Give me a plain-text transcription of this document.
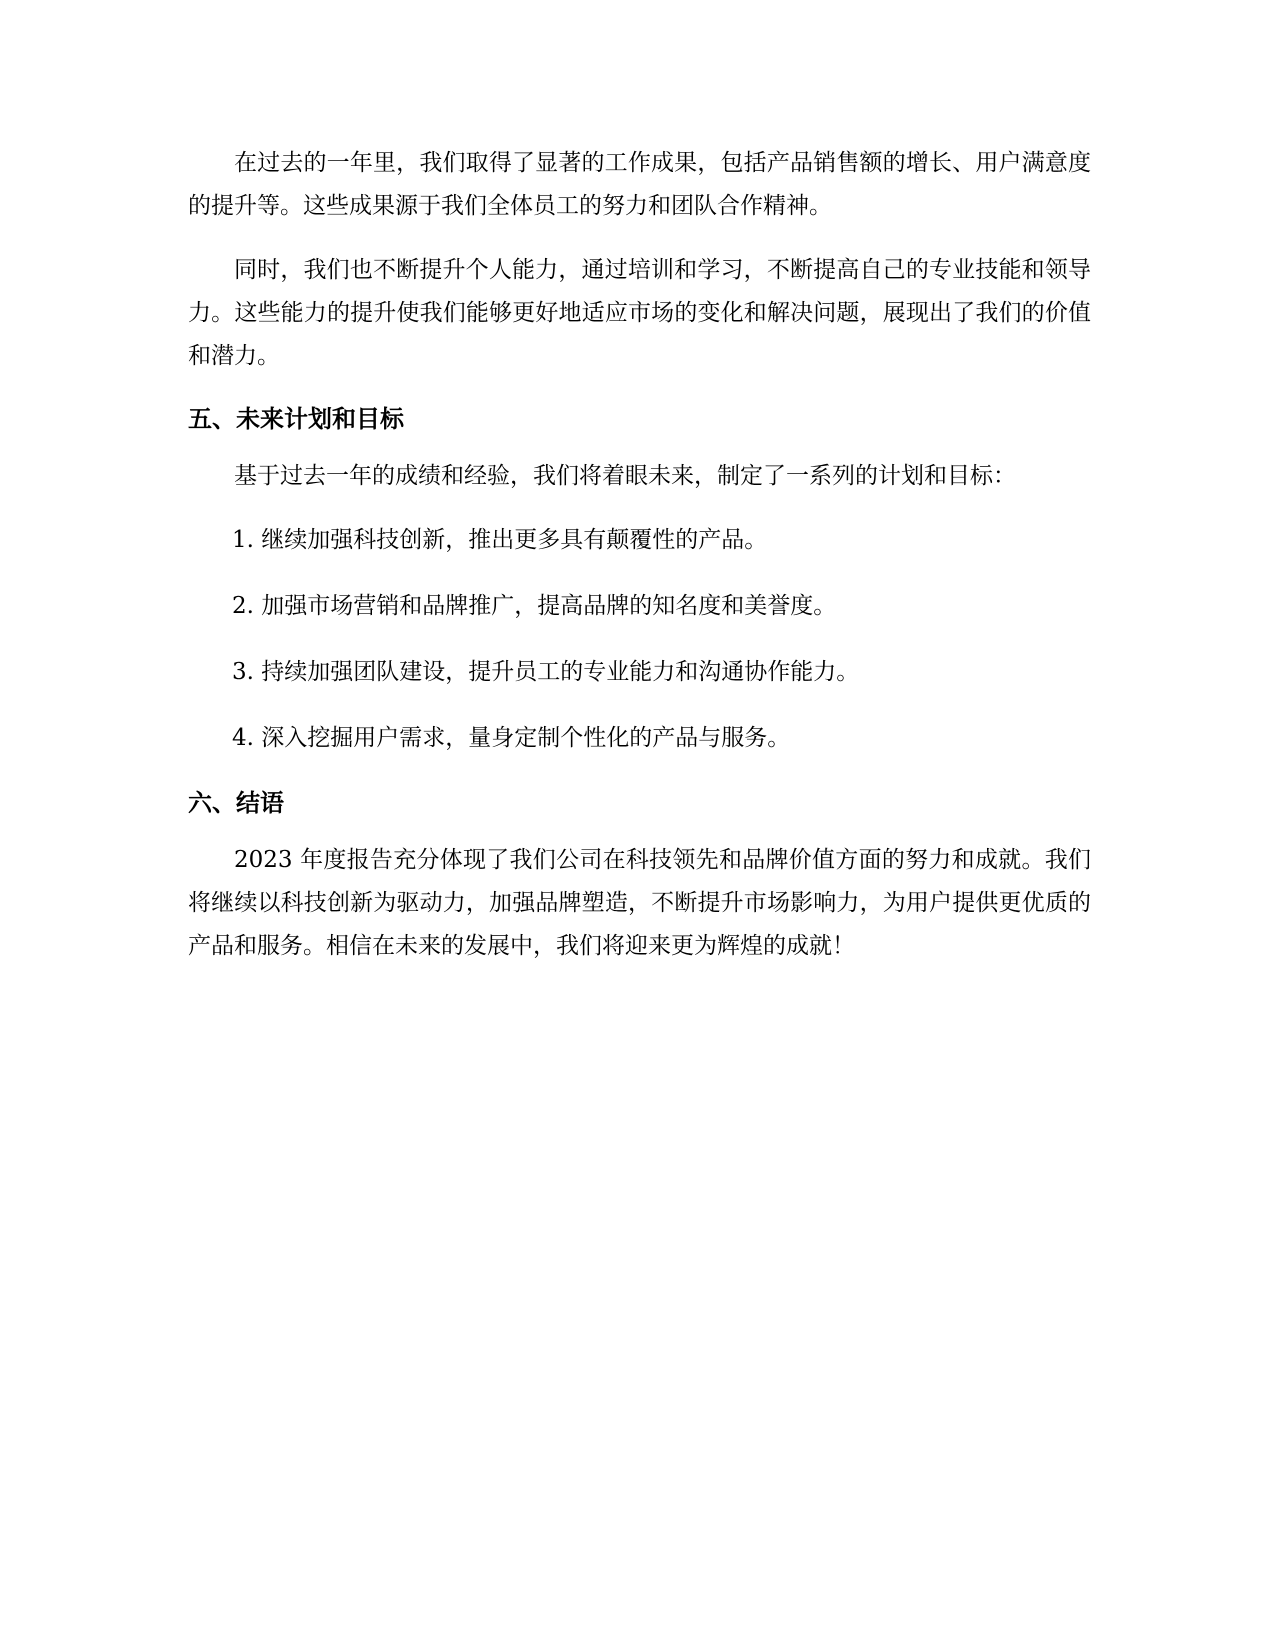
在过去的一年里，我们取得了显著的工作成果，包括产品销售额的增长、用户满意度的提升等。这些成果源于我们全体员工的努力和团队合作精神。

同时，我们也不断提升个人能力，通过培训和学习，不断提高自己的专业技能和领导力。这些能力的提升使我们能够更好地适应市场的变化和解决问题，展现出了我们的价值和潜力。

五、未来计划和目标

基于过去一年的成绩和经验，我们将着眼未来，制定了一系列的计划和目标：

1. 继续加强科技创新，推出更多具有颠覆性的产品。

2. 加强市场营销和品牌推广，提高品牌的知名度和美誉度。

3. 持续加强团队建设，提升员工的专业能力和沟通协作能力。

4. 深入挖掘用户需求，量身定制个性化的产品与服务。

六、结语

2023 年度报告充分体现了我们公司在科技领先和品牌价值方面的努力和成就。我们将继续以科技创新为驱动力，加强品牌塑造，不断提升市场影响力，为用户提供更优质的产品和服务。相信在未来的发展中，我们将迎来更为辉煌的成就！
